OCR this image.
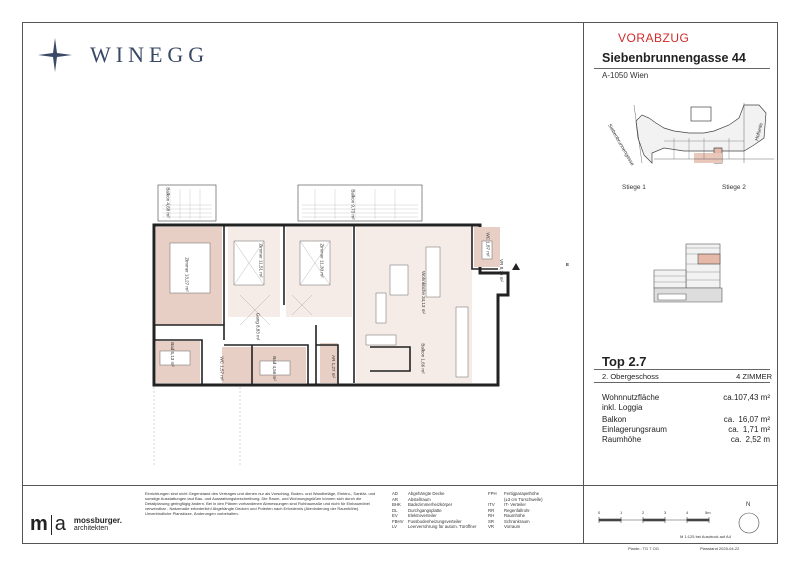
WINEGG
VORABZUG
Siebenbrunnengasse 44
A-1050 Wien
Siebenbrunnengasse	Hofseite
Stiege 1	Stiege 2
Top 2.7
2. Obergeschoss	4 ZIMMER
Wohnnutzfläche	ca.107,43 m²
inkl. Loggia
Balkon	ca. 16,07 m²
Einlagerungsraum	ca. 1,71 m²
Raumhöhe	ca. 2,52 m
Balkon 4,68 m²
Balkon 9,73 m²
Zimmer 13,27 m²
Zimmer 11,51 m²
Zimmer 11,30 m²
Wohnküche 34,13 m²
WC 1,87 m²
VR 8,79 m²
Gang 8,83 m²
Bad 5,13 m²	WC 1,57 m²
Bad 4,56 m²
AR 1,27 m²
Balkon 1,66 m²
E
m a mossburger.
architekten
Einrichtungen sind nicht Gegenstand des Vertrages und dienen nur als Vorschlag. Boden- und Wandbeläge, Elektro-, Sanitär- und sonstige Ausstattungen laut Bau- und Ausstattungsbeschreibung. Die Raum- und Wohnungsgrößen können sich durch die Detailplanung geringfügig ändern. Bei in den Plänen vorhandenen Abmessungen sind Rohbaumaße und nicht für Einbaumöbel verwendbar - Naturmaße erforderlich! Abgehängte Decken und Poterien nach Erfordernis (Abminderung der Raumhöhe). Unverbindliche Planskizze, Änderungen vorbehalten.
AD	Abgehängte Decke
AR	Abstellraum
BHK	Badezimmerheizkörper
DL	Durchgangsplatte
EV	Elektroverteiler
FBHV	Fussbodenheizungsverteiler
LV	Leerverrohrung für autom. Türöffner
FPH	Fertigparapethöhe
(±3 cm Türschwelle)
ITV	IT- Verteiler
RR	Regenfallrohr
RH	Raumhöhe
SR	Schrankraum
VR	Vorraum
0	1	2	3	4	5m
M 1:125 bei Ausdruck auf A4
Planbr.: TG 7 OG	Planstand 2025-04-22
N
